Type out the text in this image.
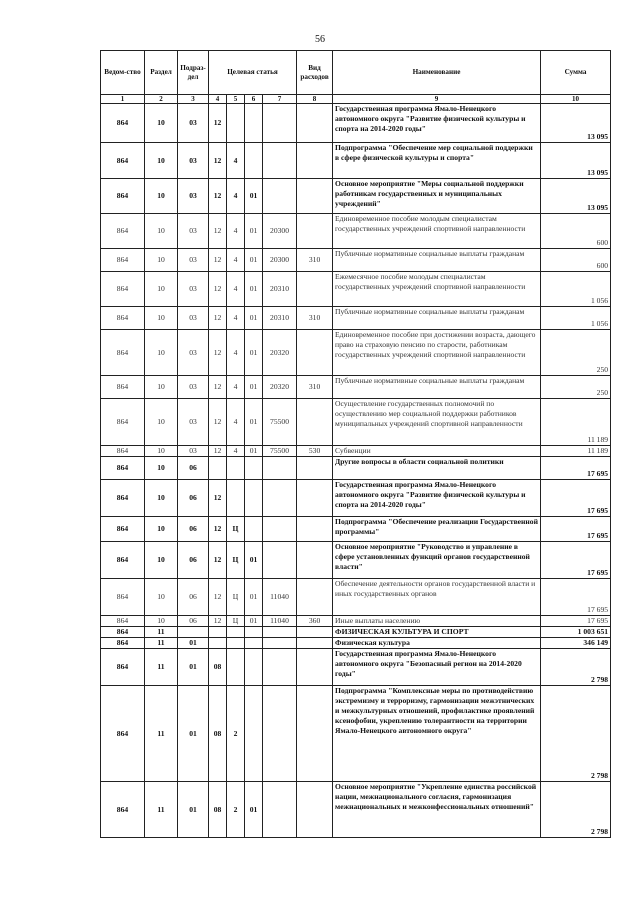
56
Ведом-ство	Раздел	Подраз-дел	Целевая статья				Вид расходов	Наименование	Сумма
1	2	3	4	5	6	7	8	9	10
864	10	03	12					Государственная программа Ямало-Ненецкого автономного округа "Развитие физической культуры и спорта на 2014-2020 годы"	13 095
864	10	03	12	4				Подпрограмма "Обеспечение мер социальной поддержки в сфере физической культуры и спорта"	13 095
864	10	03	12	4	01			Основное мероприятие "Меры социальной поддержки работникам государственных и муниципальных учреждений"	13 095
864	10	03	12	4	01	20300		Единовременное пособие молодым специалистам государственных учреждений спортивной направленности	600
864	10	03	12	4	01	20300	310	Публичные нормативные социальные выплаты гражданам	600
864	10	03	12	4	01	20310		Ежемесячное пособие молодым специалистам государственных учреждений спортивной направленности	1 056
864	10	03	12	4	01	20310	310	Публичные нормативные социальные выплаты гражданам	1 056
864	10	03	12	4	01	20320		Единовременное пособие при достижении возраста, дающего право на страховую пенсию по старости, работникам государственных учреждений спортивной направленности	250
864	10	03	12	4	01	20320	310	Публичные нормативные социальные выплаты гражданам	250
864	10	03	12	4	01	75500		Осуществление государственных полномочий по осуществлению мер социальной поддержки работников муниципальных учреждений спортивной направленности	11 189
864	10	03	12	4	01	75500	530	Субвенции	11 189
864	10	06						Другие вопросы в области социальной политики	17 695
864	10	06	12					Государственная программа Ямало-Ненецкого автономного округа "Развитие физической культуры и спорта на 2014-2020 годы"	17 695
864	10	06	12	Ц				Подпрограмма "Обеспечение реализации Государственной программы"	17 695
864	10	06	12	Ц	01			Основное мероприятие "Руководство и управление в сфере установленных функций органов государственной власти"	17 695
864	10	06	12	Ц	01	11040		Обеспечение деятельности органов государственной власти и иных государственных органов	17 695
864	10	06	12	Ц	01	11040	360	Иные выплаты населению	17 695
864	11							ФИЗИЧЕСКАЯ КУЛЬТУРА И СПОРТ	1 003 651
864	11	01						Физическая культура	346 149
864	11	01	08					Государственная программа Ямало-Ненецкого автономного округа "Безопасный регион на 2014-2020 годы"	2 798
864	11	01	08	2				Подпрограмма "Комплексные меры по противодействию экстремизму и терроризму, гармонизации межэтнических и межкультурных отношений, профилактике проявлений ксенофобии, укреплению толерантности на территории Ямало-Ненецкого автономного округа"	2 798
864	11	01	08	2	01			Основное мероприятие "Укрепление единства российской нации, межнационального согласия, гармонизация межнациональных и межконфессиональных отношений"	2 798
